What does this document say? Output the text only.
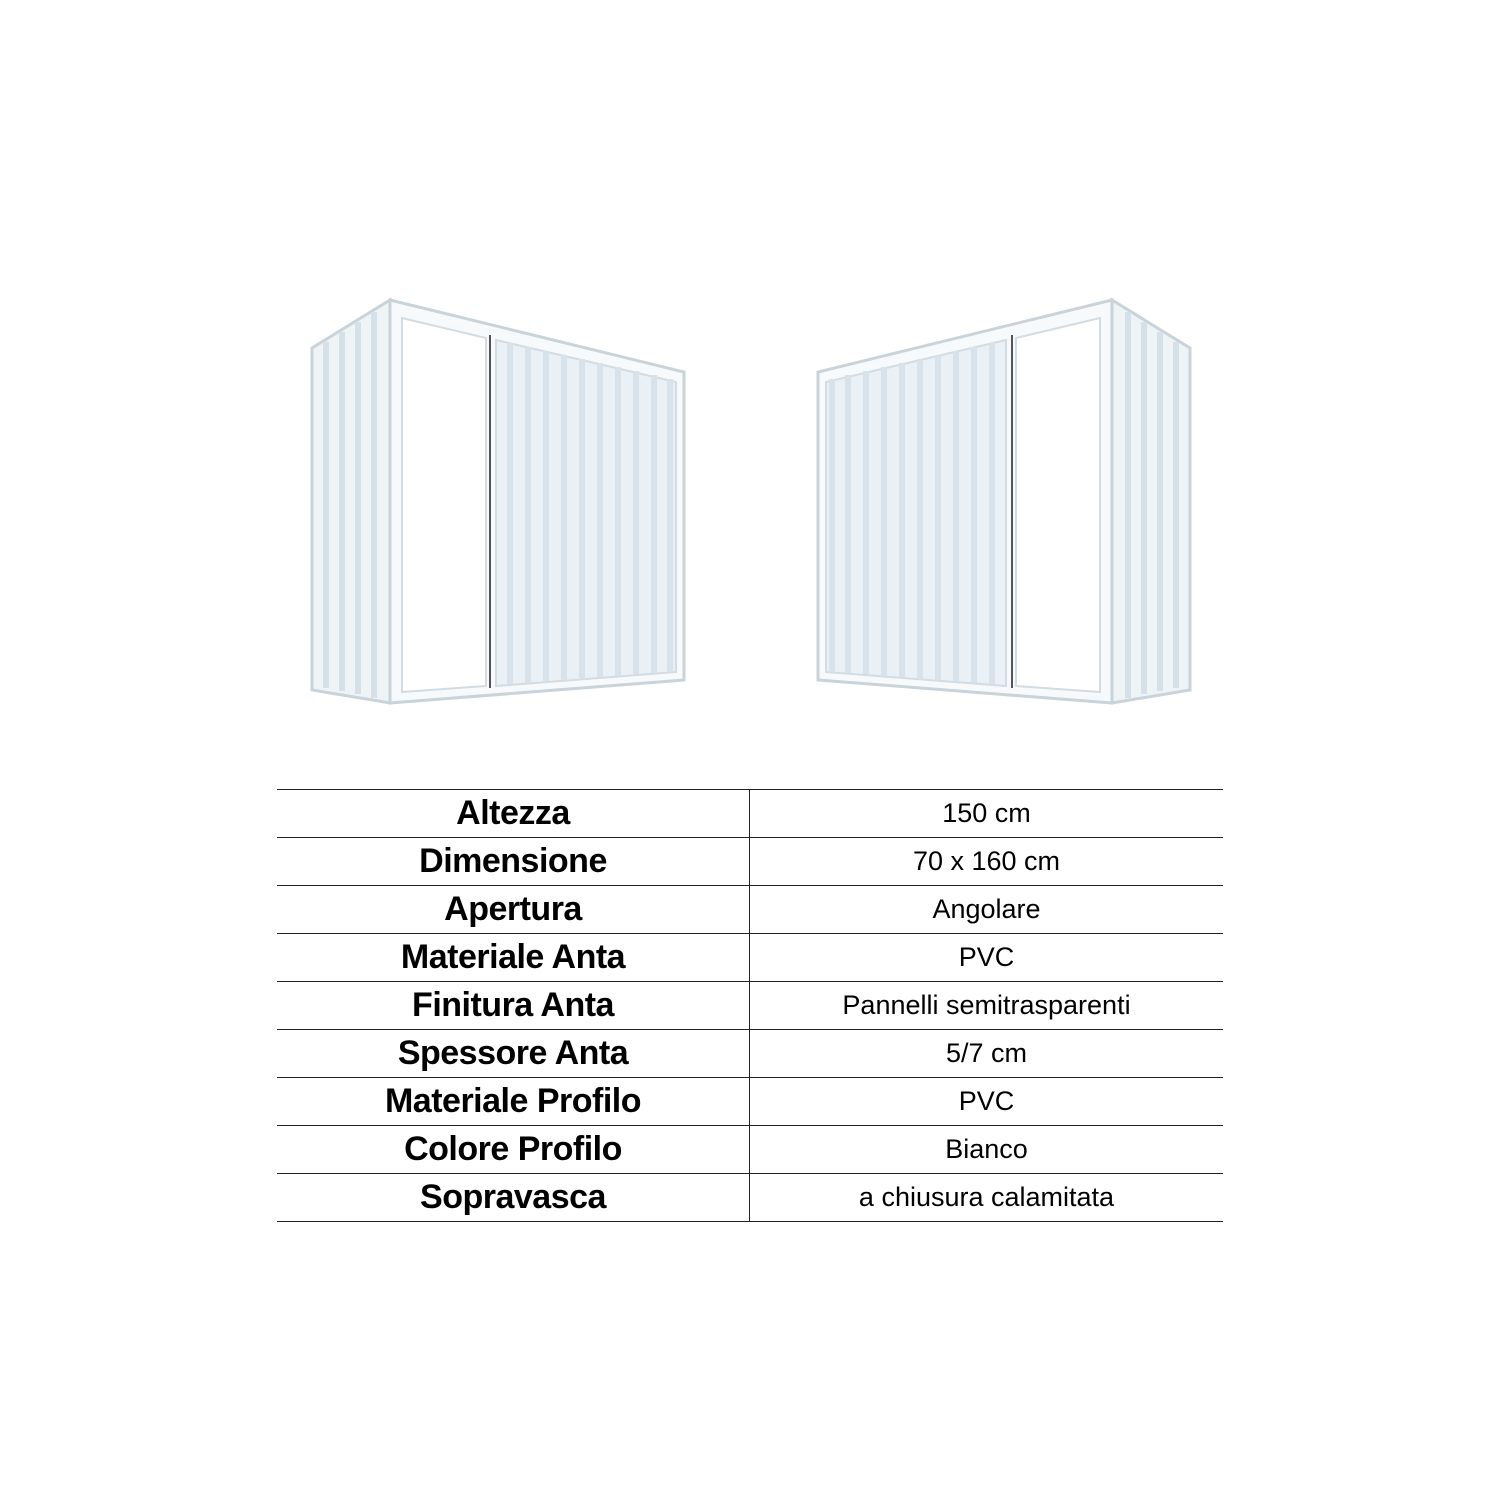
Altezza	150 cm
Dimensione	70 x 160 cm
Apertura	Angolare
Materiale Anta	PVC
Finitura Anta	Pannelli semitrasparenti
Spessore Anta	5/7 cm
Materiale Profilo	PVC
Colore Profilo	Bianco
Sopravasca	a chiusura calamitata
